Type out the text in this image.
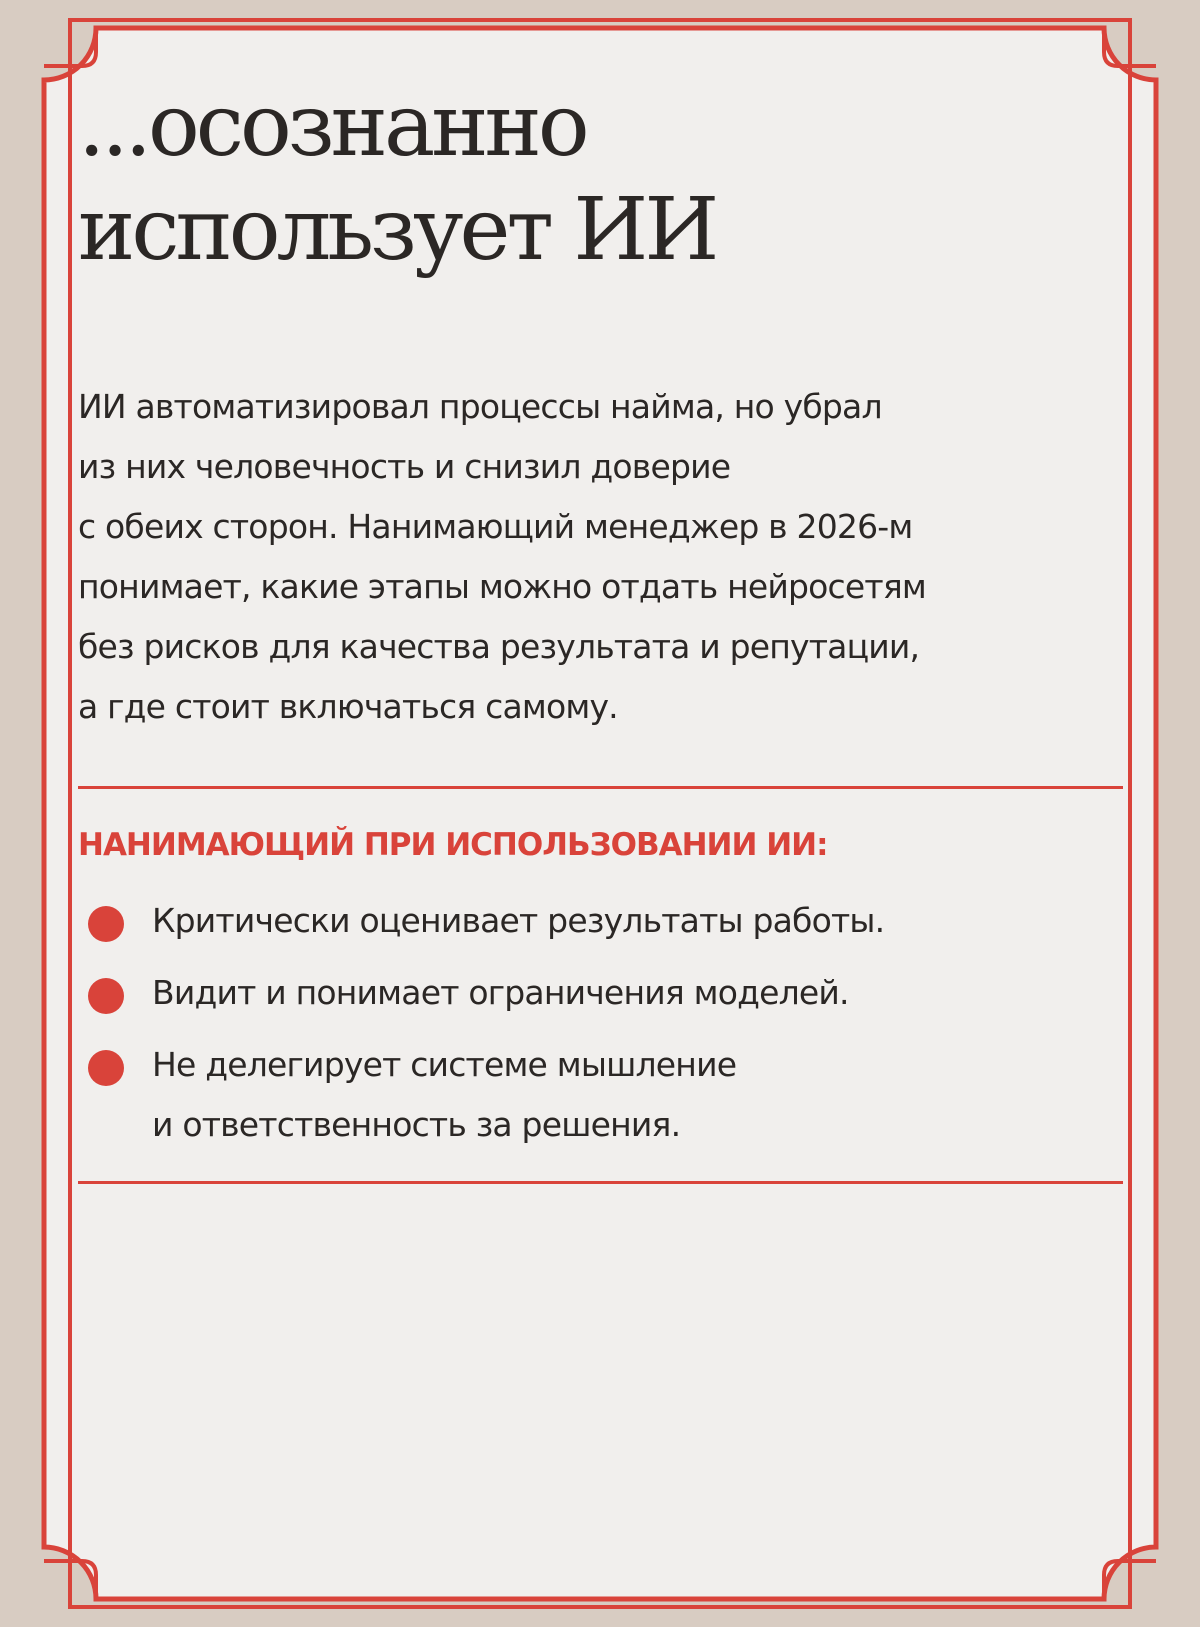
...осознанно
использует ИИ
ИИ автоматизировал процессы найма, но убрал
из них человечность и снизил доверие
с обеих сторон. Нанимающий менеджер в 2026-м
понимает, какие этапы можно отдать нейросетям
без рисков для качества результата и репутации,
а где стоит включаться самому.
НАНИМАЮЩИЙ ПРИ ИСПОЛЬЗОВАНИИ ИИ:
Критически оценивает результаты работы.
Видит и понимает ограничения моделей.
Не делегирует системе мышление
и ответственность за решения.
